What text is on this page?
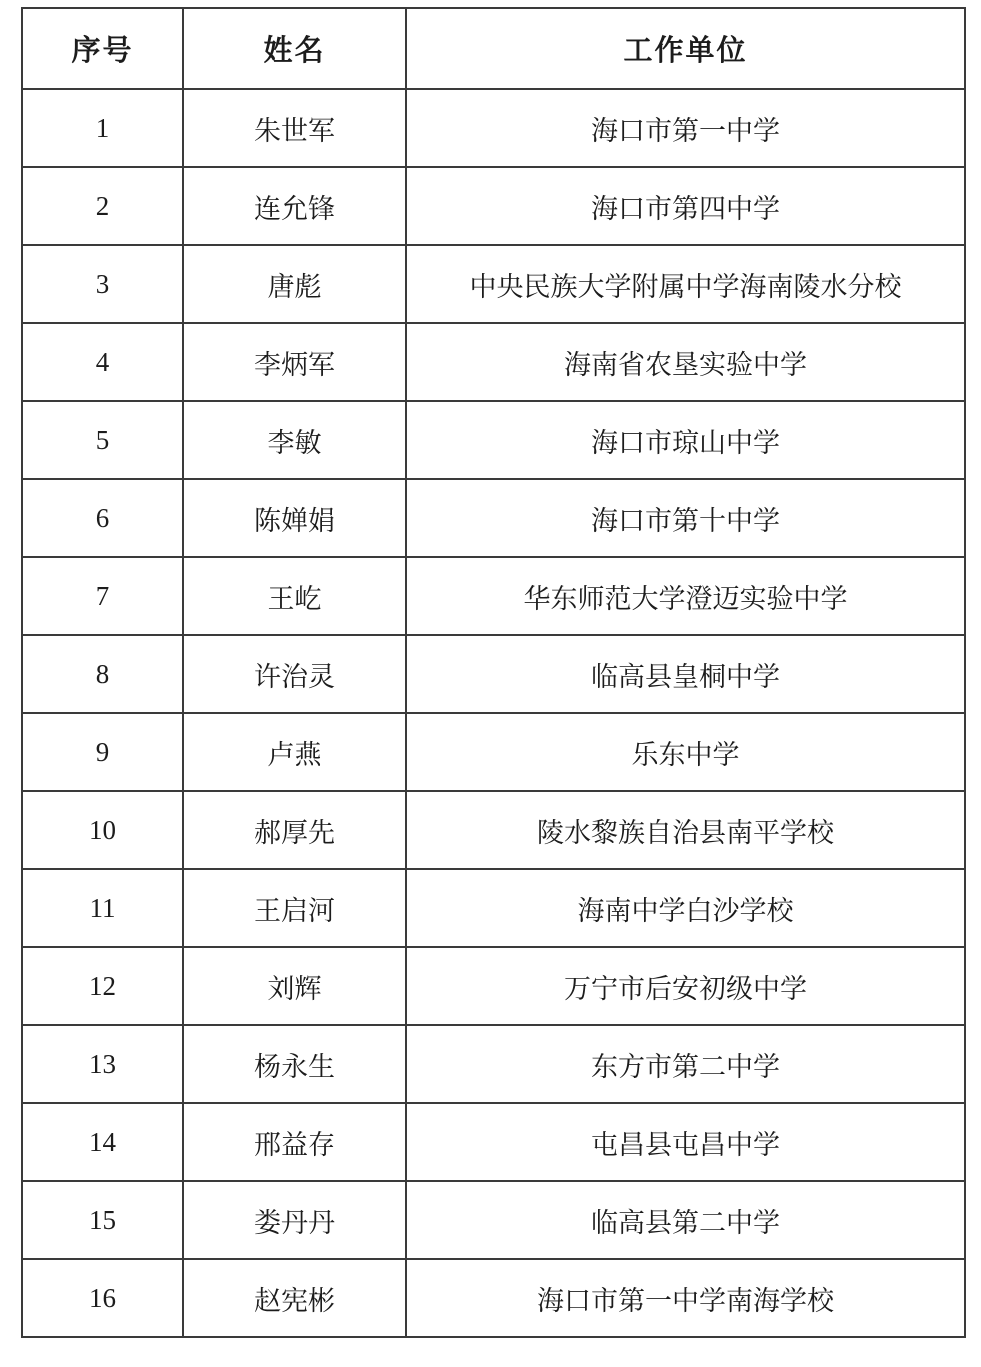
序号	姓名	工作单位
1	朱世军	海口市第一中学
2	连允锋	海口市第四中学
3	唐彪	中央民族大学附属中学海南陵水分校
4	李炳军	海南省农垦实验中学
5	李敏	海口市琼山中学
6	陈婵娟	海口市第十中学
7	王屹	华东师范大学澄迈实验中学
8	许治灵	临高县皇桐中学
9	卢燕	乐东中学
10	郝厚先	陵水黎族自治县南平学校
11	王启河	海南中学白沙学校
12	刘辉	万宁市后安初级中学
13	杨永生	东方市第二中学
14	邢益存	屯昌县屯昌中学
15	娄丹丹	临高县第二中学
16	赵宪彬	海口市第一中学南海学校
